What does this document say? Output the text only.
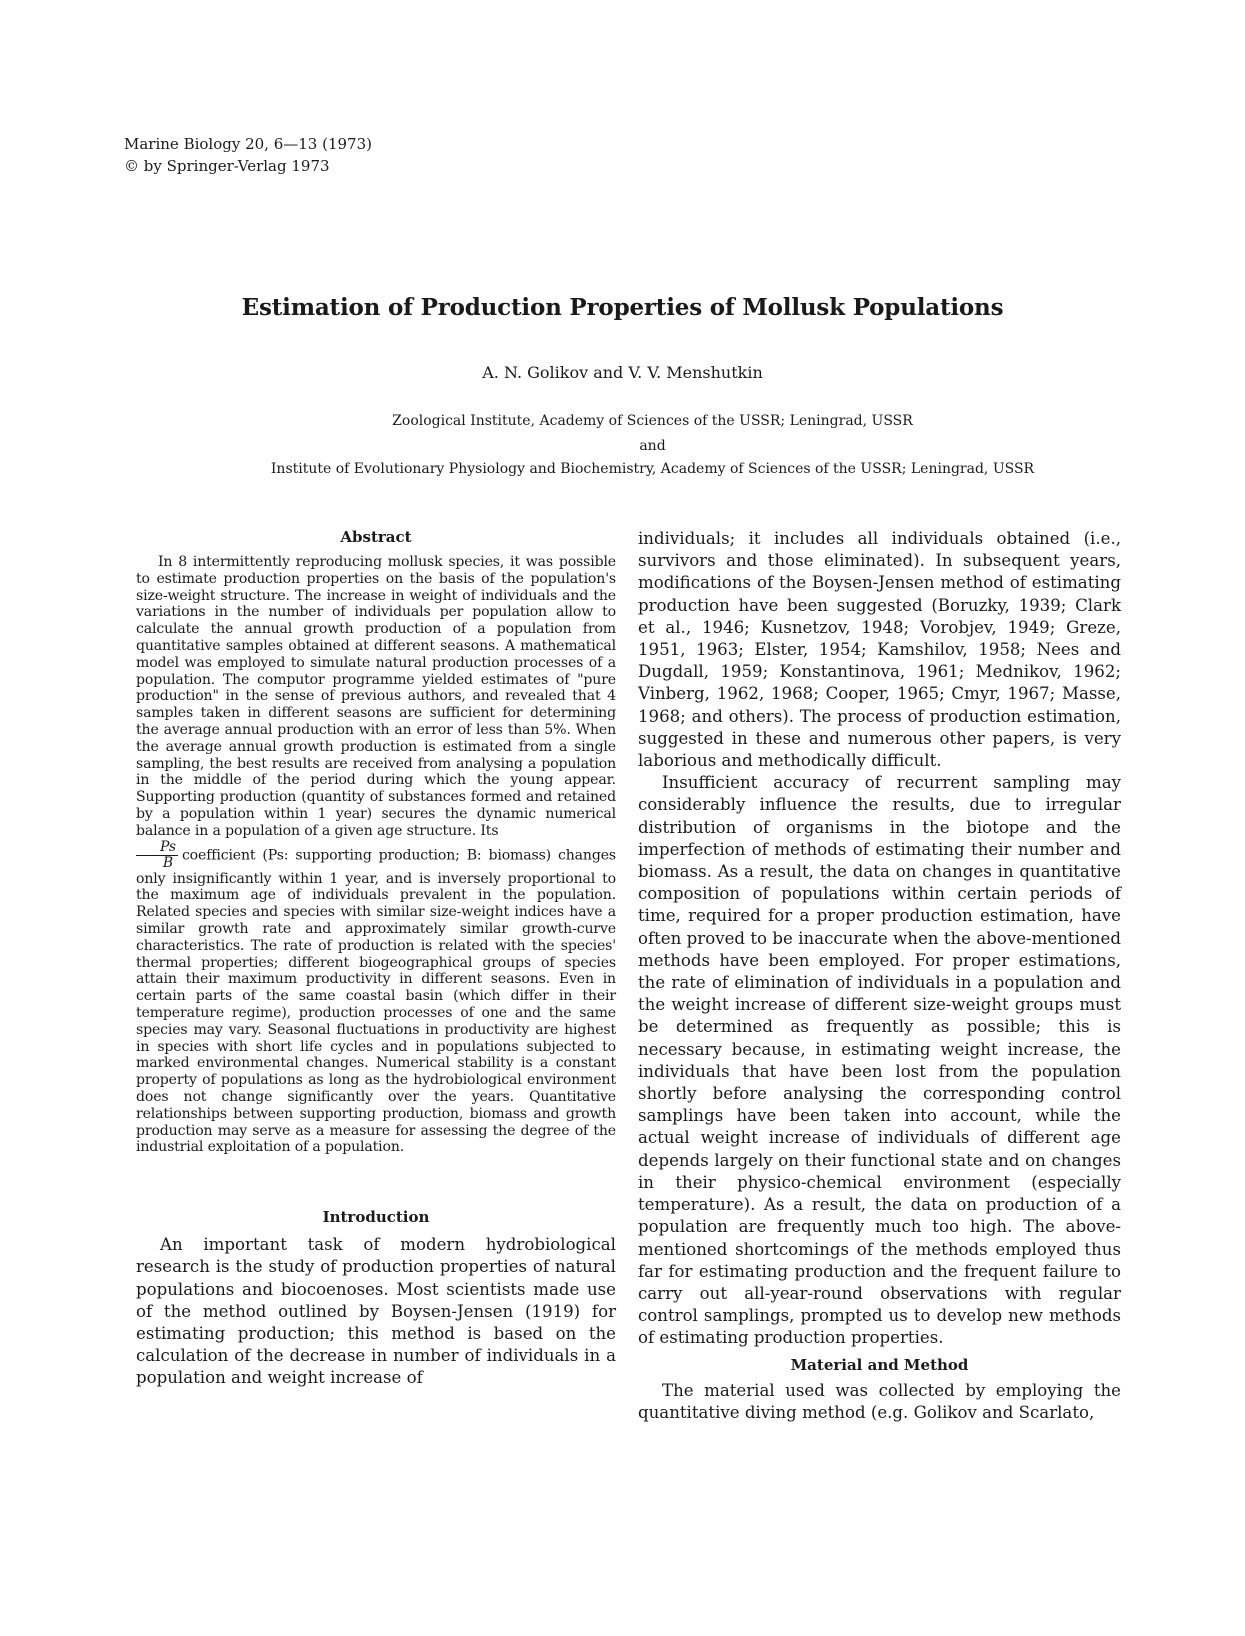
Marine Biology 20, 6—13 (1973)
© by Springer-Verlag 1973
Estimation of Production Properties of Mollusk Populations
A. N. Golikov and V. V. Menshutkin
Zoological Institute, Academy of Sciences of the USSR; Leningrad, USSR
and
Institute of Evolutionary Physiology and Biochemistry, Academy of Sciences of the USSR; Leningrad, USSR
Abstract

In 8 intermittently reproducing mollusk species, it was possible to estimate production properties on the basis of the population's size-weight structure. The increase in weight of individuals and the variations in the number of individuals per population allow to calculate the annual growth production of a population from quantitative samples obtained at different seasons. A mathematical model was employed to simulate natural production processes of a population. The computor programme yielded estimates of "pure production" in the sense of previous authors, and revealed that 4 samples taken in different seasons are sufficient for determining the average annual production with an error of less than 5%. When the average annual growth production is estimated from a single sampling, the best results are received from analysing a population in the middle of the period during which the young appear. Supporting production (quantity of substances formed and retained by a population within 1 year) secures the dynamic numerical balance in a population of a given age structure. Its

$\frac{Ps}{B}$ coefficient (Ps: supporting production; B: biomass) changes only insignificantly within 1 year, and is inversely proportional to the maximum age of individuals prevalent in the population. Related species and species with similar size-weight indices have a similar growth rate and approximately similar growth-curve characteristics. The rate of production is related with the species' thermal properties; different biogeographical groups of species attain their maximum productivity in different seasons. Even in certain parts of the same coastal basin (which differ in their temperature regime), production processes of one and the same species may vary. Seasonal fluctuations in productivity are highest in species with short life cycles and in populations subjected to marked environmental changes. Numerical stability is a constant property of populations as long as the hydrobiological environment does not change significantly over the years. Quantitative relationships between supporting production, biomass and growth production may serve as a measure for assessing the degree of the industrial exploitation of a population.

Introduction

An important task of modern hydrobiological research is the study of production properties of natural populations and biocoenoses. Most scientists made use of the method outlined by Boysen-Jensen (1919) for estimating production; this method is based on the calculation of the decrease in number of individuals in a population and weight increase of

individuals; it includes all individuals obtained (i.e., survivors and those eliminated). In subsequent years, modifications of the Boysen-Jensen method of estimating production have been suggested (Boruzky, 1939; Clark et al., 1946; Kusnetzov, 1948; Vorobjev, 1949; Greze, 1951, 1963; Elster, 1954; Kamshilov, 1958; Nees and Dugdall, 1959; Konstantinova, 1961; Mednikov, 1962; Vinberg, 1962, 1968; Cooper, 1965; Cmyr, 1967; Masse, 1968; and others). The process of production estimation, suggested in these and numerous other papers, is very laborious and methodically difficult.

Insufficient accuracy of recurrent sampling may considerably influence the results, due to irregular distribution of organisms in the biotope and the imperfection of methods of estimating their number and biomass. As a result, the data on changes in quantitative composition of populations within certain periods of time, required for a proper production estimation, have often proved to be inaccurate when the above-mentioned methods have been employed. For proper estimations, the rate of elimination of individuals in a population and the weight increase of different size-weight groups must be determined as frequently as possible; this is necessary because, in estimating weight increase, the individuals that have been lost from the population shortly before analysing the corresponding control samplings have been taken into account, while the actual weight increase of individuals of different age depends largely on their functional state and on changes in their physico-chemical environment (especially temperature). As a result, the data on production of a population are frequently much too high. The above-mentioned shortcomings of the methods employed thus far for estimating production and the frequent failure to carry out all-year-round observations with regular control samplings, prompted us to develop new methods of estimating production properties.

Material and Method

The material used was collected by employing the quantitative diving method (e.g. Golikov and Scarlato,
